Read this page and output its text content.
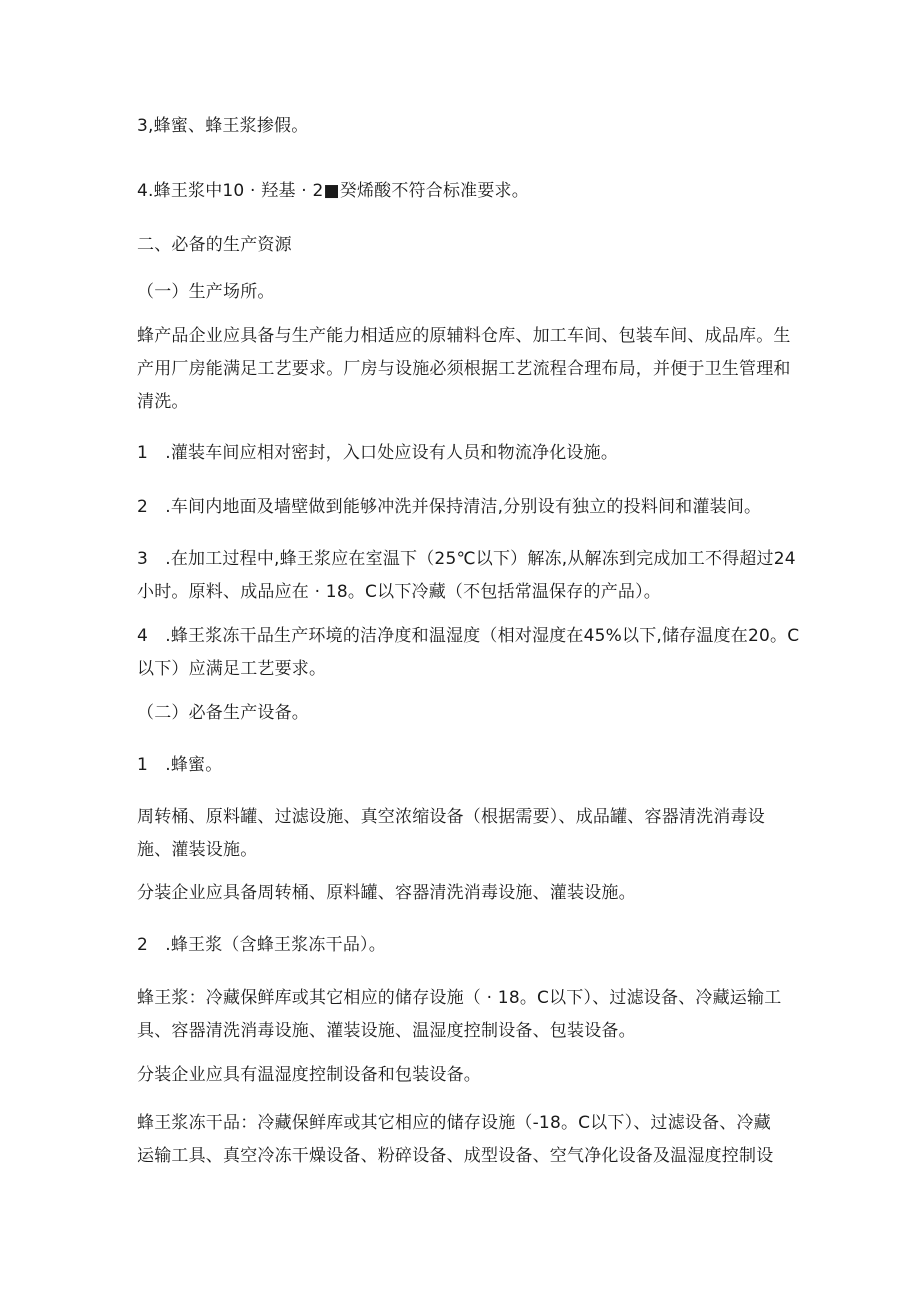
3,蜂蜜、蜂王浆掺假。
4.蜂王浆中10 · 羟基 · 2■癸烯酸不符合标准要求。
二、必备的生产资源
（一）生产场所。
蜂产品企业应具备与生产能力相适应的原辅料仓库、加工车间、包装车间、成品库。生
产用厂房能满足工艺要求。厂房与设施必须根据工艺流程合理布局，并便于卫生管理和
清洗。
1　.灌装车间应相对密封，入口处应设有人员和物流净化设施。
2　.车间内地面及墙壁做到能够冲洗并保持清洁,分别设有独立的投料间和灌装间。
3　.在加工过程中,蜂王浆应在室温下（25℃以下）解冻,从解冻到完成加工不得超过24
小时。原料、成品应在 · 18。C以下冷藏（不包括常温保存的产品）。
4　.蜂王浆冻干品生产环境的洁净度和温湿度（相对湿度在45%以下,储存温度在20。C
以下）应满足工艺要求。
（二）必备生产设备。
1　.蜂蜜。
周转桶、原料罐、过滤设施、真空浓缩设备（根据需要）、成品罐、容器清洗消毒设
施、灌装设施。
分装企业应具备周转桶、原料罐、容器清洗消毒设施、灌装设施。
2　.蜂王浆（含蜂王浆冻干品）。
蜂王浆：冷藏保鲜库或其它相应的储存设施（ · 18。C以下）、过滤设备、冷藏运输工
具、容器清洗消毒设施、灌装设施、温湿度控制设备、包装设备。
分装企业应具有温湿度控制设备和包装设备。
蜂王浆冻干品：冷藏保鲜库或其它相应的储存设施（-18。C以下）、过滤设备、冷藏
运输工具、真空冷冻干燥设备、粉碎设备、成型设备、空气净化设备及温湿度控制设
